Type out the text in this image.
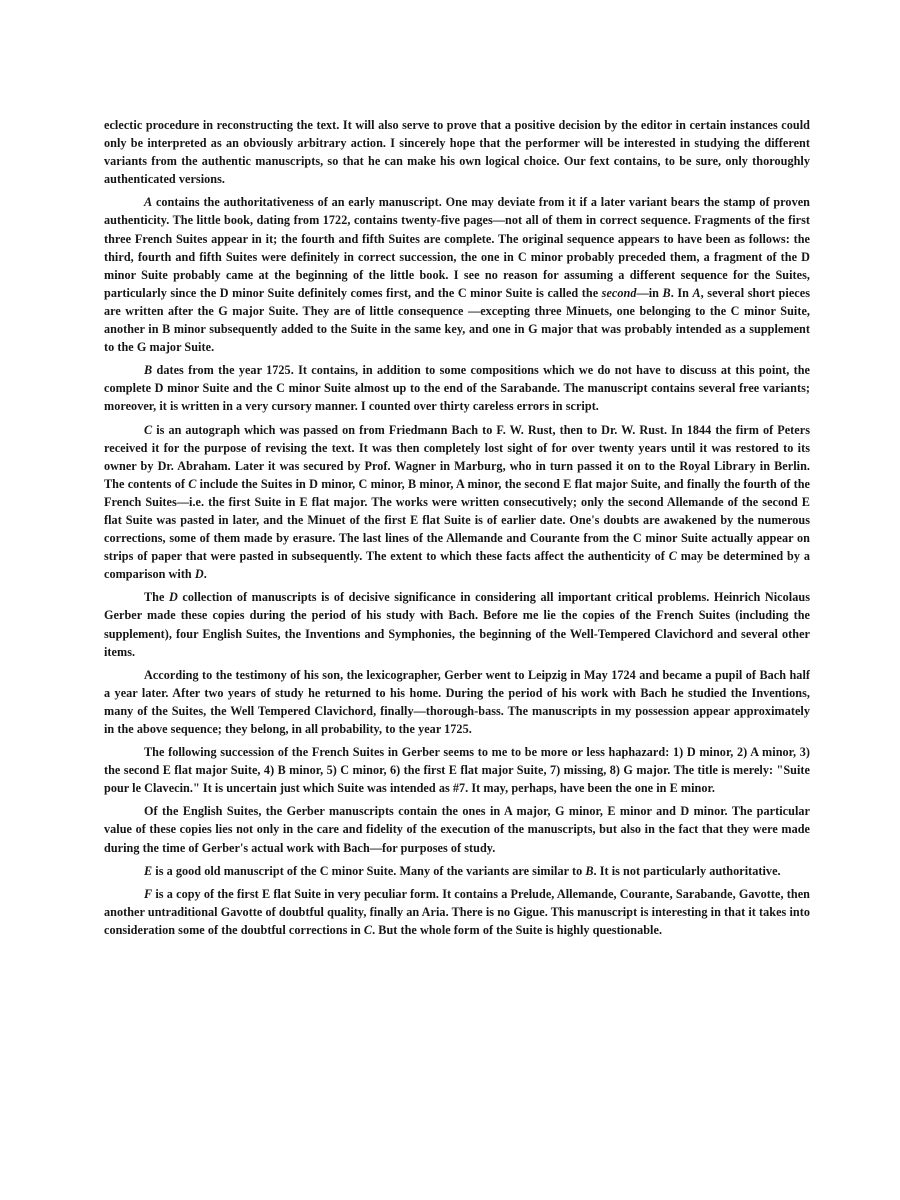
eclectic procedure in reconstructing the text. It will also serve to prove that a positive decision by the editor in certain instances could only be interpreted as an obviously arbitrary action. I sincerely hope that the performer will be interested in studying the different variants from the authentic manuscripts, so that he can make his own logical choice. Our fext contains, to be sure, only thoroughly authenticated versions.

A contains the authoritativeness of an early manuscript. One may deviate from it if a later variant bears the stamp of proven authenticity. The little book, dating from 1722, contains twenty-five pages—not all of them in correct sequence. Fragments of the first three French Suites appear in it; the fourth and fifth Suites are complete. The original sequence appears to have been as follows: the third, fourth and fifth Suites were definitely in correct succession, the one in C minor probably preceded them, a fragment of the D minor Suite probably came at the beginning of the little book. I see no reason for assuming a different sequence for the Suites, particularly since the D minor Suite definitely comes first, and the C minor Suite is called the second—in B. In A, several short pieces are written after the G major Suite. They are of little consequence —excepting three Minuets, one belonging to the C minor Suite, another in B minor subsequently added to the Suite in the same key, and one in G major that was probably intended as a supplement to the G major Suite.

B dates from the year 1725. It contains, in addition to some compositions which we do not have to discuss at this point, the complete D minor Suite and the C minor Suite almost up to the end of the Sarabande. The manuscript contains several free variants; moreover, it is written in a very cursory manner. I counted over thirty careless errors in script.

C is an autograph which was passed on from Friedmann Bach to F. W. Rust, then to Dr. W. Rust. In 1844 the firm of Peters received it for the purpose of revising the text. It was then completely lost sight of for over twenty years until it was restored to its owner by Dr. Abraham. Later it was secured by Prof. Wagner in Marburg, who in turn passed it on to the Royal Library in Berlin. The contents of C include the Suites in D minor, C minor, B minor, A minor, the second E flat major Suite, and finally the fourth of the French Suites—i.e. the first Suite in E flat major. The works were written consecutively; only the second Allemande of the second E flat Suite was pasted in later, and the Minuet of the first E flat Suite is of earlier date. One's doubts are awakened by the numerous corrections, some of them made by erasure. The last lines of the Allemande and Courante from the C minor Suite actually appear on strips of paper that were pasted in subsequently. The extent to which these facts affect the authenticity of C may be determined by a comparison with D.

The D collection of manuscripts is of decisive significance in considering all important critical problems. Heinrich Nicolaus Gerber made these copies during the period of his study with Bach. Before me lie the copies of the French Suites (including the supplement), four English Suites, the Inventions and Symphonies, the beginning of the Well-Tempered Clavichord and several other items.

According to the testimony of his son, the lexicographer, Gerber went to Leipzig in May 1724 and became a pupil of Bach half a year later. After two years of study he returned to his home. During the period of his work with Bach he studied the Inventions, many of the Suites, the Well Tempered Clavichord, finally—thorough-bass. The manuscripts in my possession appear approximately in the above sequence; they belong, in all probability, to the year 1725.

The following succession of the French Suites in Gerber seems to me to be more or less haphazard: 1) D minor, 2) A minor, 3) the second E flat major Suite, 4) B minor, 5) C minor, 6) the first E flat major Suite, 7) missing, 8) G major. The title is merely: "Suite pour le Clavecin." It is uncertain just which Suite was intended as #7. It may, perhaps, have been the one in E minor.

Of the English Suites, the Gerber manuscripts contain the ones in A major, G minor, E minor and D minor. The particular value of these copies lies not only in the care and fidelity of the execution of the manuscripts, but also in the fact that they were made during the time of Gerber's actual work with Bach—for purposes of study.

E is a good old manuscript of the C minor Suite. Many of the variants are similar to B. It is not particularly authoritative.

F is a copy of the first E flat Suite in very peculiar form. It contains a Prelude, Allemande, Courante, Sarabande, Gavotte, then another untraditional Gavotte of doubtful quality, finally an Aria. There is no Gigue. This manuscript is interesting in that it takes into consideration some of the doubtful corrections in C. But the whole form of the Suite is highly questionable.
